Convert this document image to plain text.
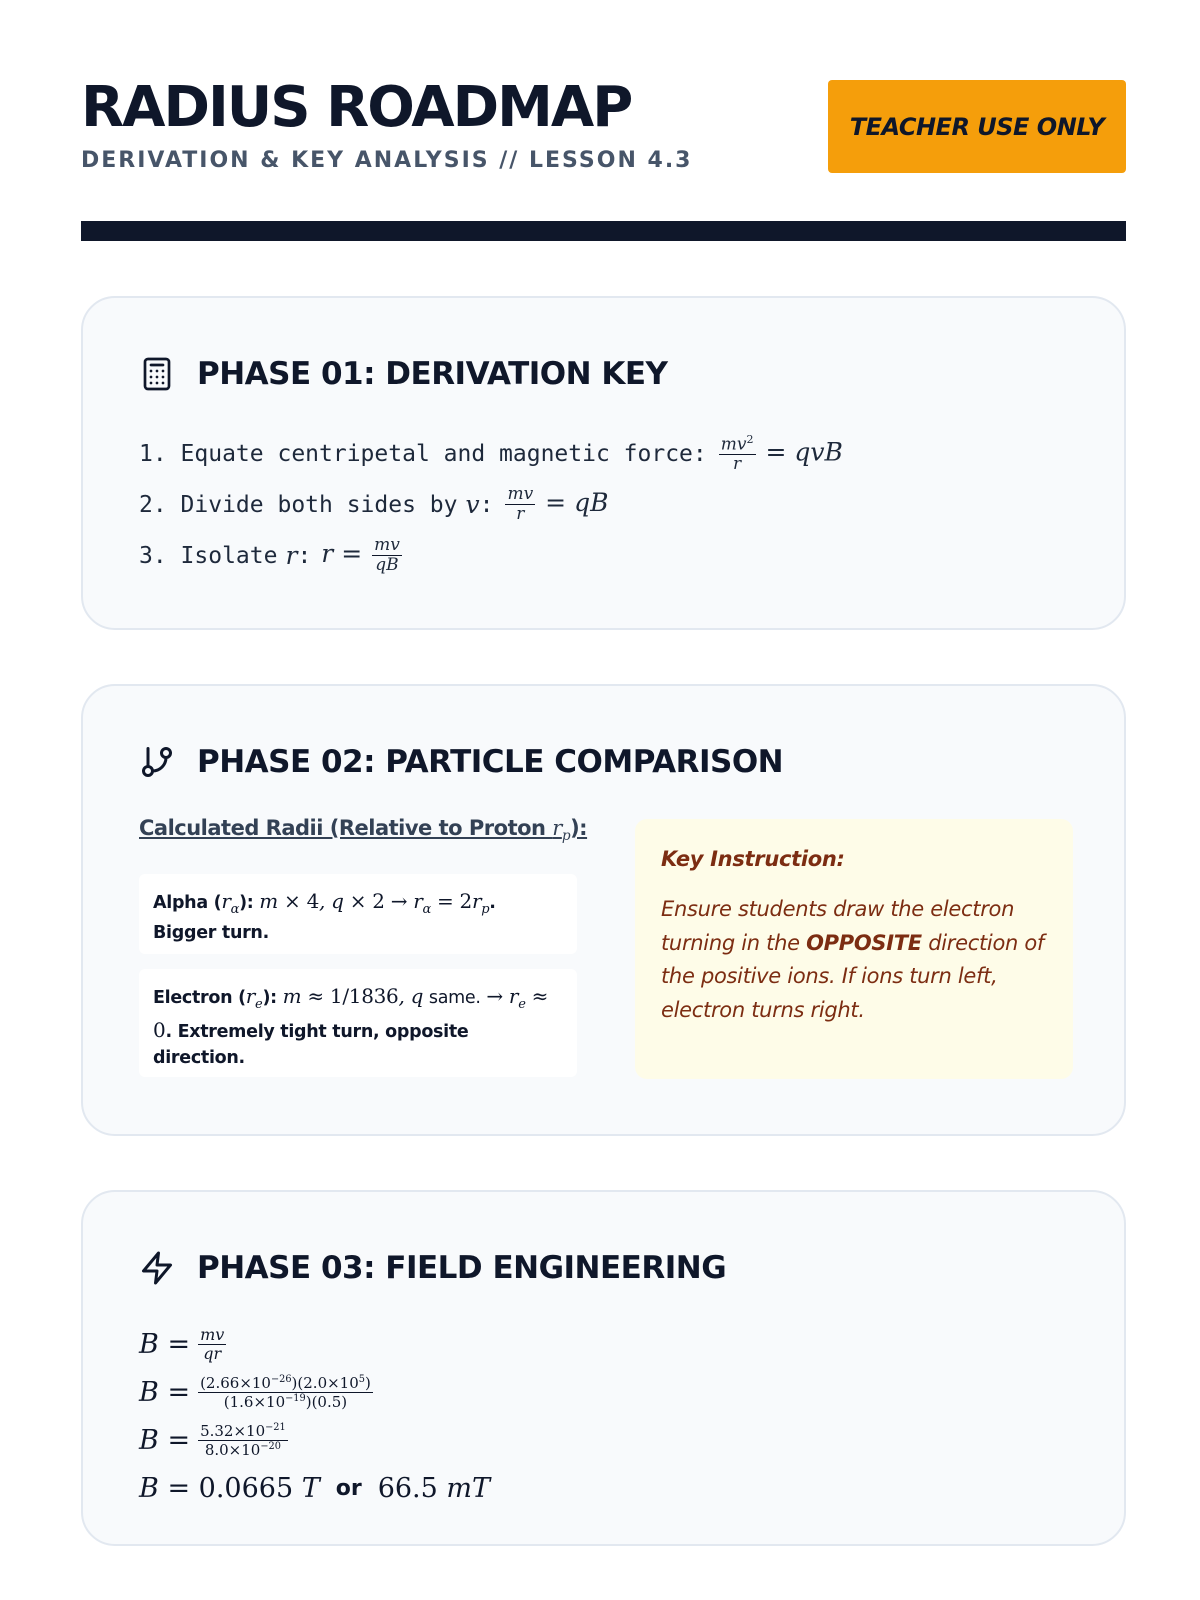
RADIUS ROADMAP
DERIVATION & KEY ANALYSIS // LESSON 4.3
TEACHER USE ONLY
PHASE 01: DERIVATION KEY
1. Equate centripetal and magnetic force: $\frac{mv^2}{r}$ = qvB
2. Divide both sides by v : $\frac{mv}{r}$ = qB
3. Isolate r : $r = \frac{mv}{qB}$
PHASE 02: PARTICLE COMPARISON
Calculated Radii (Relative to Proton $r_p$):
Alpha $(r_\alpha)$: m × 4, $q \times 2 \to r_\alpha = 2r_p$. Bigger turn.
Electron $(r_e)$: m ≈ 1/1836, q same. → $r_e \approx 0$. Extremely tight turn, opposite direction.
Key Instruction:
Ensure students draw the electron turning in the OPPOSITE direction of the positive ions. If ions turn left, electron turns right.
PHASE 03: FIELD ENGINEERING
$B = \frac{mv}{qr}$
$B = \frac{(2.66\times 10^{-26})(2.0\times 10^5)}{(1.6\times 10^{-19})(0.5)}$
$B = \frac{5.32\times 10^{-21}}{8.0\times 10^{-20}}$
B = 0.0665 T or 66.5 mT
